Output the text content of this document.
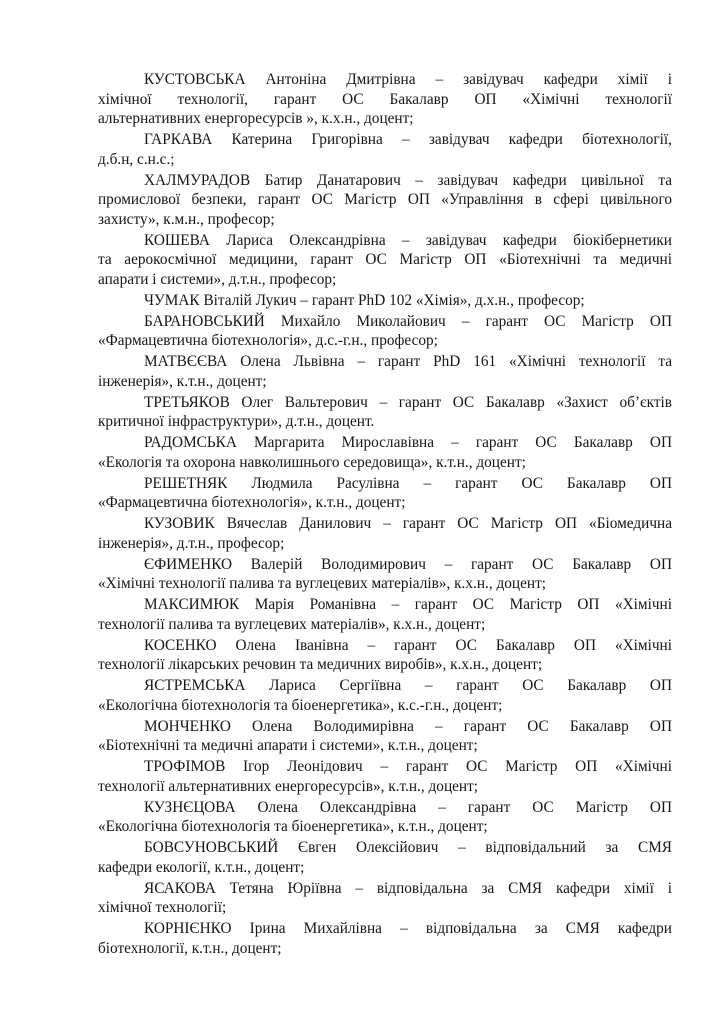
КУСТОВСЬКА Антоніна Дмитрівна – завідувач кафедри хімії і

хімічної технології, гарант ОС Бакалавр ОП «Хімічні технології

альтернативних енергоресурсів », к.х.н., доцент;

ГАРКАВА Катерина Григорівна – завідувач кафедри біотехнології,

д.б.н, с.н.с.;

ХАЛМУРАДОВ Батир Данатарович – завідувач кафедри цивільної та

промислової безпеки, гарант ОС Магістр ОП «Управління в сфері цивільного

захисту», к.м.н., професор;

КОШЕВА Лариса Олександрівна – завідувач кафедри біокібернетики

та аерокосмічної медицини, гарант ОС Магістр ОП «Біотехнічні та медичні

апарати і системи», д.т.н., професор;

ЧУМАК Віталій Лукич – гарант PhD 102 «Хімія», д.х.н., професор;

БАРАНОВСЬКИЙ Михайло Миколайович – гарант ОС Магістр ОП

«Фармацевтична біотехнологія», д.с.-г.н., професор;

МАТВЄЄВА Олена Львівна – гарант PhD 161 «Хімічні технології та

інженерія», к.т.н., доцент;

ТРЕТЬЯКОВ Олег Вальтерович – гарант ОС Бакалавр «Захист об’єктів

критичної інфраструктури», д.т.н., доцент.

РАДОМСЬКА Маргарита Мирославівна – гарант ОС Бакалавр ОП

«Екологія та охорона навколишнього середовища», к.т.н., доцент;

РЕШЕТНЯК Людмила Расулівна – гарант ОС Бакалавр ОП

«Фармацевтична біотехнологія», к.т.н., доцент;

КУЗОВИК Вячеслав Данилович – гарант ОС Магістр ОП «Біомедична

інженерія», д.т.н., професор;

ЄФИМЕНКО Валерій Володимирович – гарант ОС Бакалавр ОП

«Хімічні технології палива та вуглецевих матеріалів», к.х.н., доцент;

МАКСИМЮК Марія Романівна – гарант ОС Магістр ОП «Хімічні

технології палива та вуглецевих матеріалів», к.х.н., доцент;

КОСЕНКО Олена Іванівна – гарант ОС Бакалавр ОП «Хімічні

технології лікарських речовин та медичних виробів», к.х.н., доцент;

ЯСТРЕМСЬКА Лариса Сергіївна – гарант ОС Бакалавр ОП

«Екологічна біотехнологія та біоенергетика», к.с.-г.н., доцент;

МОНЧЕНКО Олена Володимирівна – гарант ОС Бакалавр ОП

«Біотехнічні та медичні апарати і системи», к.т.н., доцент;

ТРОФІМОВ Ігор Леонідович – гарант ОС Магістр ОП «Хімічні

технології альтернативних енергоресурсів», к.т.н., доцент;

КУЗНЄЦОВА Олена Олександрівна – гарант ОС Магістр ОП

«Екологічна біотехнологія та біоенергетика», к.т.н., доцент;

БОВСУНОВСЬКИЙ Євген Олексійович – відповідальний за СМЯ

кафедри екології, к.т.н., доцент;

ЯСАКОВА Тетяна Юріївна – відповідальна за СМЯ кафедри хімії і

хімічної технології;

КОРНІЄНКО Ірина Михайлівна – відповідальна за СМЯ кафедри

біотехнології, к.т.н., доцент;
